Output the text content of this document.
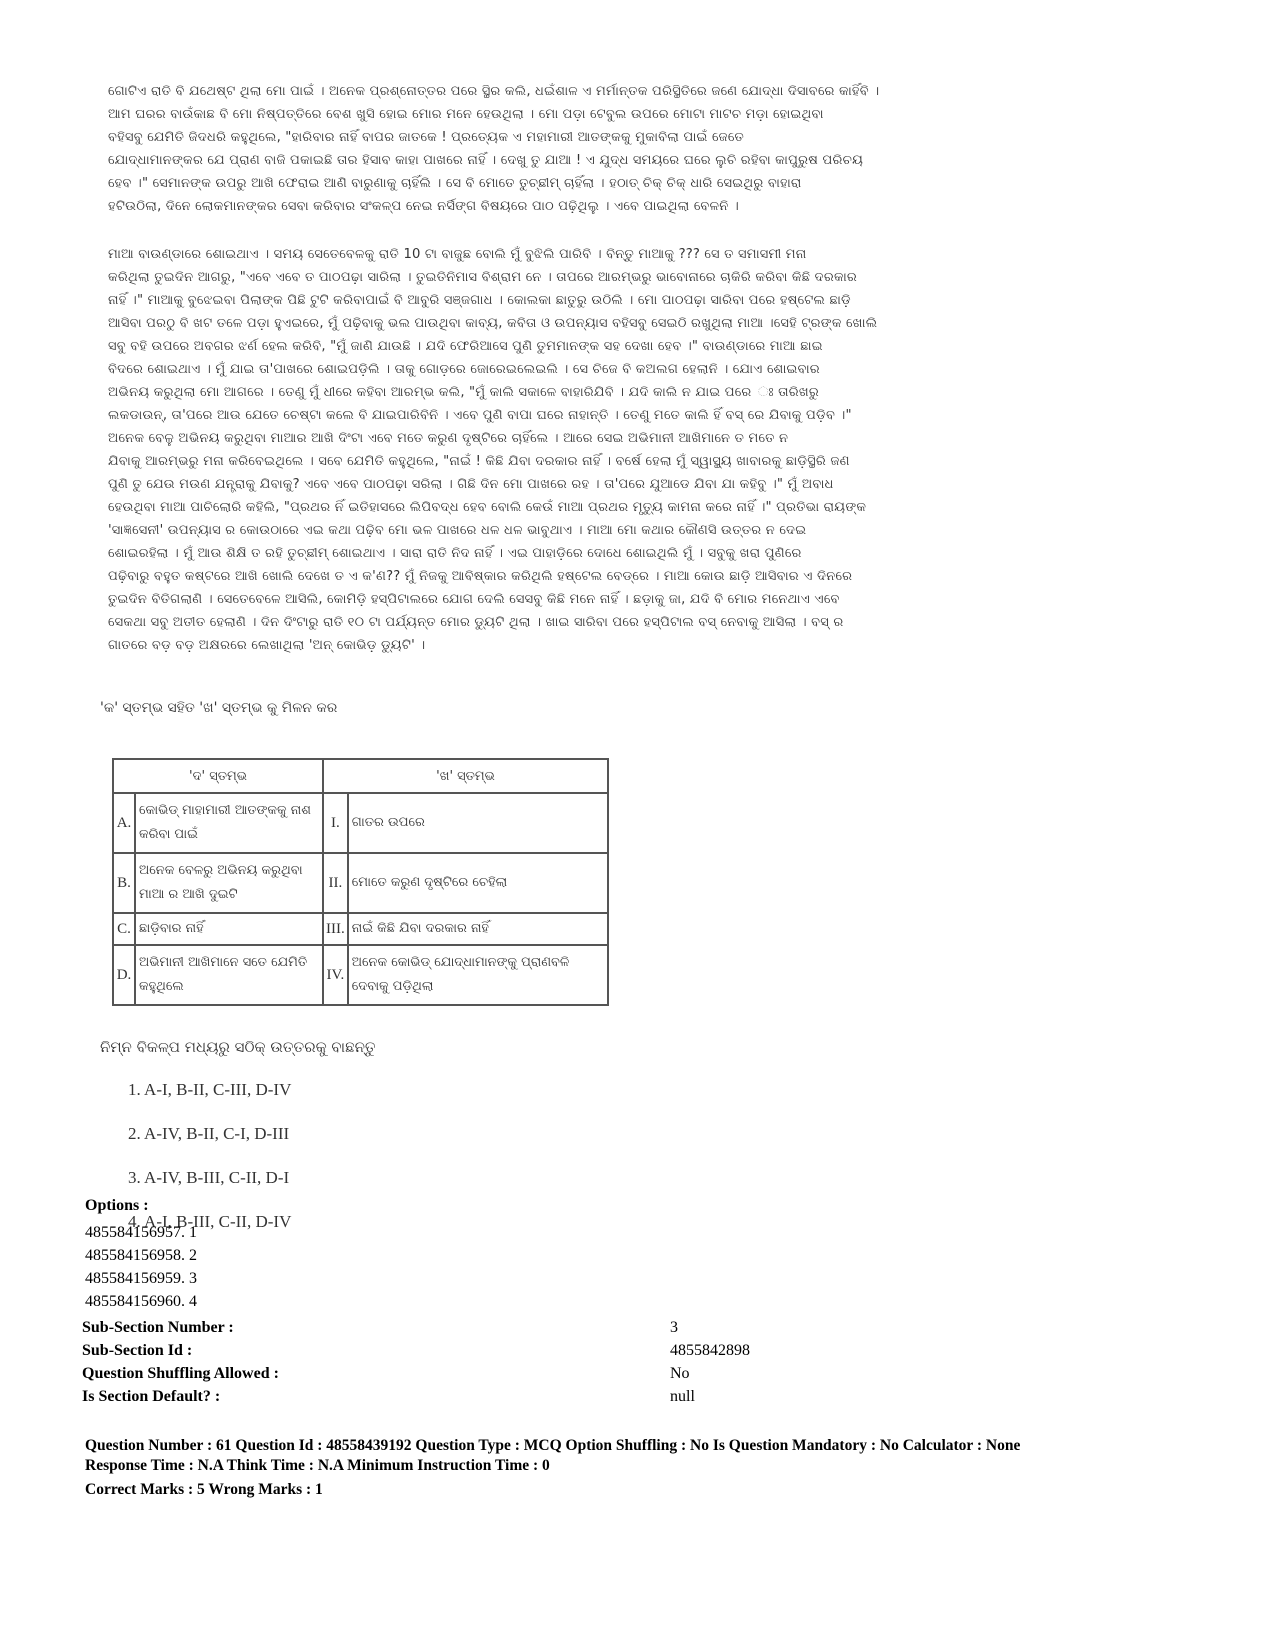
ଗୋଟିଏ ରାତି ବି ଯଥେଷ୍ଟ ଥିଲା ମୋ ପାଇଁ । ଅନେକ ପ୍ରଶ୍ନୋତ୍ତର ପରେ ସ୍ଥିର କଲି, ଧଇଁଶାଳ ଏ ମର୍ମାନ୍ତକ ପରିସ୍ଥିତିରେ ଜଣେ ଯୋଦ୍ଧା ଦିସାବରେ କାହିଁବି ।

ଆମ ଘରର ବାଉଁକାଛ ବି ମୋ ନିଷ୍ପତ୍ତିରେ ବେଶ ଖୁସି ହୋଇ ମୋର ମନେ ହେଉଥିଲା । ମୋ ପଡ଼ା ଟେବୁଲ ଉପରେ ମୋଟା ମାଟଚ ମଡ଼ା ହୋଇଥିବା

ବହିସବୁ ଯେମିତି ଜିଦଧରି କହୁଥିଲେ, "ହାରିବାର ନାହିଁ ବାପର ଜାତକେ ! ପ୍ରତ୍ୟେକ ଏ ମହାମାରୀ ଆତଙ୍କକୁ ମୁକାବିଲା ପାଇଁ ଜେତେ

ଯୋଦ୍ଧାମାନଙ୍କର ଯେ ପ୍ରାଣ ବାଜି ପକାଇଛି ତାର ହିସାବ କାହା ପାଖରେ ନାହିଁ । ଦେଖୁ ତୁ ଯାଆ ! ଏ ଯୁଦ୍ଧ ସମୟରେ ଘରେ ଲୁଚି ରହିବା କାପୁରୁଷ ପରିଚୟ

ହେବ ।" ସେମାନଙ୍କ ଉପରୁ ଆଖି ଫେରାଇ ଆଣି ବାରୁଣାକୁ ଚାହିଁଲି । ସେ ବି ମୋତେ ତୁଚ୍ଛୀମ୍ ଚାହିଁଲା । ହଠାତ୍ ଚିକ୍ ଚିକ୍ ଧାରି ସେଇଥିରୁ ବାହାରା

ହଟିଉଠିଲା, ଦିନେ ଲୋକମାନଙ୍କର ସେବା କରିବାର ସଂକଳ୍ପ ନେଇ ନର୍ସିଙ୍ଗ ବିଷୟରେ ପାଠ ପଢ଼ିଥିଲୁ । ଏବେ ପାଇଥିଲା ବେଳନି ।

ମାଆ ବାଉଣ୍ଡାରେ ଶୋଇଥାଏ । ସମୟ ସେତେବେଳକୁ ରାତି 10 ଟା ବାଜୁଛ ବୋଲି ମୁଁ ବୁଝିଲି ପାରିବି । ବିନ୍ତୁ ମାଆକୁ ??? ସେ ତ ସମାସମୀ ମନା

କରିଥିଲା ତୁଇଦିନ ଆଗରୁ, "ଏବେ ଏବେ ତ ପାଠପଢ଼ା ସାରିଲା । ତୁଇତିନିମାସ ବିଶ୍ରାମ ନେ । ତାପରେ ଆରମ୍ଭରୁ ଭାବୋନାରେ ଚାକିରି କରିବା କିଛି ଦରକାର

ନାହିଁ ।" ମାଆକୁ ବୁଝେଇବା ପିଲାଙ୍କ ପିଛି ଟୁଟି କରିବାପାଇଁ ବି ଆବୁରି ସଞ୍ଜଗାଧ । କୋଲକା ଛାତୁରୁ ଉଠିଲି । ମୋ ପାଠପଢ଼ା ସାରିବା ପରେ ହଷ୍ଟେଲ ଛାଡ଼ି

ଆସିବା ପରଠୁ ବି ଖଟ ତଳେ ପଡ଼ା ହୁଏଇରେ, ମୁଁ ପଢ଼ିବାକୁ ଭଲ ପାଉଥିବା କାବ୍ୟ, କବିତା ଓ ଉପନ୍ୟାସ ବହିସବୁ ସେଇଠି ରଖୁଥିଲା ମାଆ ।ସେହି ଟ୍ରଙ୍କ ଖୋଲି

ସବୁ ବହି ଉପରେ ଅବଗର ଝର୍ଣ ହେଲ କରିବି, "ମୁଁ ଜାଣି ଯାଉଛି । ଯଦି ଫେରିଆସେ ପୁଣି ତୁମମାନଙ୍କ ସହ ଦେଖା ହେବ ।" ବାଉଣ୍ଡାରେ ମାଆ ଛାଇ

ବିଦରେ ଶୋଇଥାଏ । ମୁଁ ଯାଇ ତା'ପାଖରେ ଶୋଇପଡ଼ିଲି । ତାକୁ ଗୋଡ଼ରେ ଜୋରେଇଲେଇଲି । ସେ ଚିଜେ ବି କଅଲଗ ହେଲାନି । ଯୋଏ ଶୋଇବାର

ଅଭିନୟ କରୁଥିଲା ମୋ ଆଗରେ । ତେଣୁ ମୁଁ ଧୀରେ କହିବା ଆରମ୍ଭ କଲି, "ମୁଁ କାଲି ସକାଳେ ବାହାରିଯିବି । ଯଦି କାଲି ନ ଯାଇ ପରେ ଃ ତାରିଖରୁ

ଲକଡାଉନ୍, ତା'ପରେ ଆଉ ଯେତେ ଚେଷ୍ଟା କଲେ ବି ଯାଇପାରିବିନି । ଏବେ ପୁଣି ବାପା ଘରେ ନାହାନ୍ତି । ତେଣୁ ମତେ କାଲି ହିଁ ବସ୍ ରେ ଯିବାକୁ ପଡ଼ିବ ।"

ଅନେକ ବେଳୁ ଅଭିନୟ କରୁଥିବା ମାଆର ଆଖି ଦିଂଟା ଏବେ ମତେ କରୁଣ ଦୃଷ୍ଟିରେ ଚାହିଁଲେ । ଆରେ ସେଇ ଅଭିମାନୀ ଆଖିମାନେ ତ ମତେ ନ

ଯିବାକୁ ଆରମ୍ଭରୁ ମନା କରିବେଇଥିଲେ । ସବେ ଯେମିତି କହୁଥିଲେ, "ନାଇଁ ! କିଛି ଯିବା ଦରକାର ନାହିଁ । ବର୍ଷେ ହେଲା ମୁଁ ସ୍ୱାସ୍ଥ୍ୟ ଖାବାରକୁ ଛାଡ଼ିସ୍ଥିରି ଜଣ

ପୁଣି ତୁ ଯେଉ ମଉଣ ଯନ୍ତ୍ରାକୁ ଯିବାକୁ? ଏବେ ଏବେ ପାଠପଢ଼ା ସରିଲା । ଗିଛି ଦିନ ମୋ ପାଖରେ ରହ । ତା'ପରେ ଯୁଆଡେ ଯିବା ଯା କହିବୁ ।" ମୁଁ ଅବାଧ

ହେଉଥିବା ମାଆ ପାଚିଲୋରି କହିଲି, "ପ୍ରଥର ନିଁ ଇତିହାସରେ ଲିପିବଦ୍ଧ ହେବ ବୋଲି କେଉଁ ମାଆ ପ୍ରଥର ମୃତ୍ୟୁ କାମନା କରେ ନାହିଁ ।" ପ୍ରତିଭା ରାୟଙ୍କ

'ସାଜ୍ଞସେନୀ' ଉପନ୍ୟାସ ର କୋଉଠାରେ ଏଇ କଥା ପଢ଼ିବ ମୋ ଭଳ ପାଖରେ ଧଳ ଧଳ ଭାବୁଥାଏ । ମାଆ ମୋ କଥାର କୌଣସି ଉତ୍ତର ନ ଦେଇ

ଶୋଇରହିଲା । ମୁଁ ଆଉ ଶିକ୍ଷି ତ ରହି ତୁଚ୍ଛୀମ୍ ଶୋଇଥାଏ । ସାରା ରାତି ନିଦ ନାହିଁ । ଏଇ ପାହାଡ଼ିରେ ଦୋଧେ ଶୋଇଥିଲି ମୁଁ । ସବୁକୁ ଖରା ପୁଣିରେ

ପଢ଼ିବାରୁ ବହୁତ କଷ୍ଟରେ ଆଖି ଖୋଲି ଦେଖେ ତ ଏ କ'ଣ?? ମୁଁ ନିଜକୁ ଆବିଷ୍କାର କରିଥିଲି ହଷ୍ଟେଲ ବେଡ୍‌ରେ । ମାଆ କୋଉ ଛାଡ଼ି ଆସିବାର ଏ ଦିନରେ

ତୁଇଦିନ ବିତିଗଲାଣି । ସେତେବେଳେ ଆସିଲି, କୋମିଡ଼ି ହସ୍ପିଟାଲରେ ଯୋଗ ଦେଲି ସେସବୁ କିଛି ମନେ ନାହିଁ । ଛଡ଼ାକୁ ଜା, ଯଦି ବି ମୋର ମନେଥାଏ ଏବେ

ସେକଥା ସବୁ ଅତୀତ ହେଲାଣି । ଦିନ ଦିଂଟାରୁ ରାତି ୧୦ ଟା ପର୍ଯ୍ୟନ୍ତ ମୋର ଡ୍ୟୁଟି ଥିଲା । ଖାଇ ସାରିବା ପରେ ହସ୍ପିଟାଲ ବସ୍ ନେବାକୁ ଆସିଲା । ବସ୍ ର

ଗାତରେ ବଡ଼ ବଡ଼ ଅକ୍ଷରରେ ଲେଖାଥିଲା 'ଅନ୍ କୋଭିଡ଼ ଡ୍ୟୁଟି' ।

'କ' ସ୍ତମ୍ଭ ସହିତ 'ଖ' ସ୍ତମ୍ଭ କୁ ମିଳନ କର
'ଦ' ସ୍ତମ୍ଭ		'ଖ' ସ୍ତମ୍ଭ	
A.	କୋଭିଡ୍ ମାହାମାରୀ ଆତଙ୍କକୁ ନାଶ କରିବା ପାଇଁ	I.	ଗାତର ଉପରେ
B.	ଅନେକ ବେଳରୁ ଅଭିନୟ କରୁଥିବା ମାଆ ର ଆଖି ଦୁଇଟି	II.	ମୋତେ କରୁଣ ଦୃଷ୍ଟିରେ ଚେହିଲା
C.	ଛାଡ଼ିବାର ନାହିଁ	III.	ନାଇଁ କିଛି ଯିବା ଦରକାର ନାହିଁ
D.	ଅଭିମାନୀ ଆଖିମାନେ ସତେ ଯେମିତି କହୁଥିଲେ	IV.	ଅନେକ କୋଭିଡ୍ ଯୋଦ୍ଧାମାନଙ୍କୁ ପ୍ରାଣବଳି ଦେବାକୁ ପଡ଼ିଥିଲା
ନିମ୍ନ ବିକଳ୍ପ ମଧ୍ୟରୁ ସଠିକ୍ ଉତ୍ତରକୁ ବାଛନ୍ତୁ
1. A-I, B-II, C-III, D-IV
2. A-IV, B-II, C-I, D-III
3. A-IV, B-III, C-II, D-I
4. A-I, B-III, C-II, D-IV
Options :
485584156957. 1
485584156958. 2
485584156959. 3
485584156960. 4
Sub-Section Number :	3
Sub-Section Id :	4855842898
Question Shuffling Allowed :	No
Is Section Default? :	null
Question Number : 61 Question Id : 48558439192 Question Type : MCQ Option Shuffling : No Is Question Mandatory : No Calculator : None
Response Time : N.A Think Time : N.A Minimum Instruction Time : 0
Correct Marks : 5 Wrong Marks : 1
